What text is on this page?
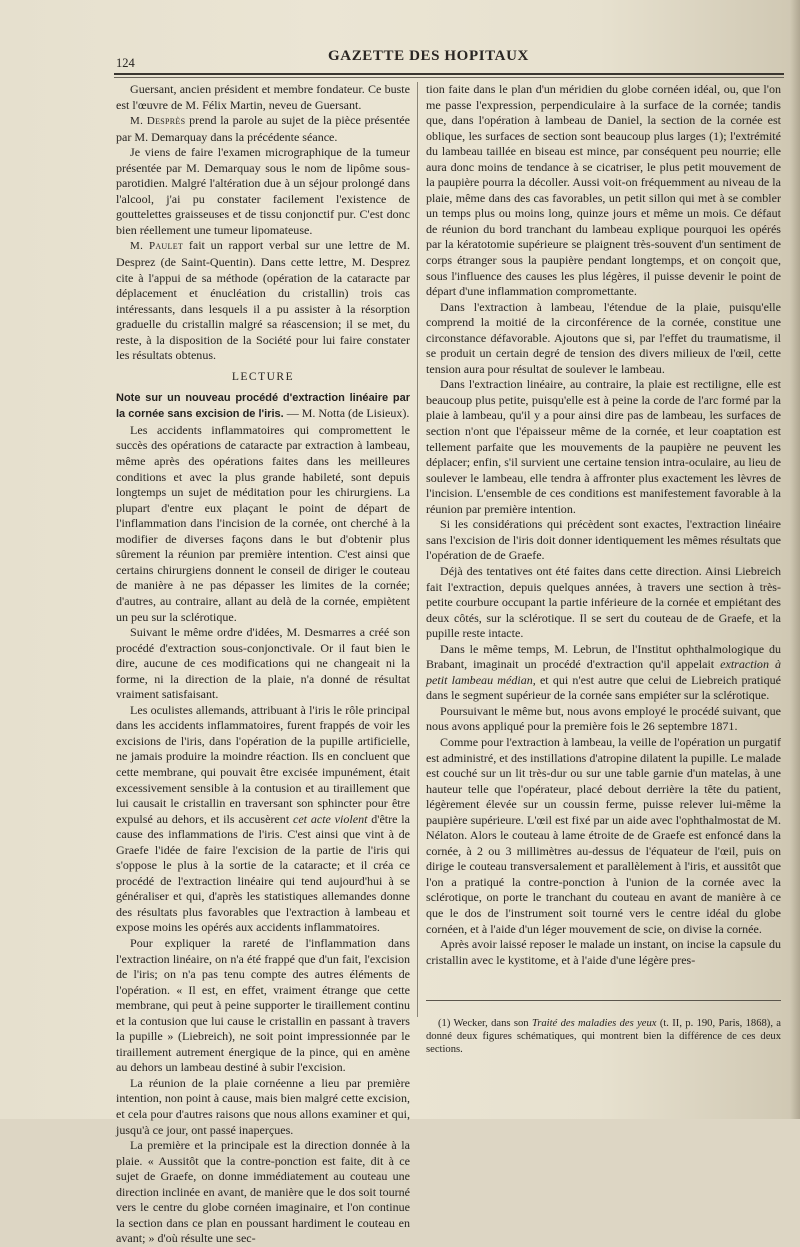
124	GAZETTE DES HOPITAUX

Guersant, ancien président et membre fondateur. Ce buste est l'œuvre de M. Félix Martin, neveu de Guersant.

M. Desprès prend la parole au sujet de la pièce présentée par M. Demarquay dans la précédente séance.

Je viens de faire l'examen micrographique de la tumeur présentée par M. Demarquay sous le nom de lipôme sous-parotidien. Malgré l'altération due à un séjour prolongé dans l'alcool, j'ai pu constater facilement l'existence de gouttelettes graisseuses et de tissu conjonctif pur. C'est donc bien réellement une tumeur lipomateuse.

M. Paulet fait un rapport verbal sur une lettre de M. Desprez (de Saint-Quentin). Dans cette lettre, M. Desprez cite à l'appui de sa méthode (opération de la cataracte par déplacement et énucléation du cristallin) trois cas intéressants, dans lesquels il a pu assister à la résorption graduelle du cristallin malgré sa réascension; il se met, du reste, à la disposition de la Société pour lui faire constater les résultats obtenus.

LECTURE

Note sur un nouveau procédé d'extraction linéaire par la cornée sans excision de l'iris. — M. Notta (de Lisieux).

Les accidents inflammatoires qui compromettent le succès des opérations de cataracte par extraction à lambeau, même après des opérations faites dans les meilleures conditions et avec la plus grande habileté, sont depuis longtemps un sujet de méditation pour les chirurgiens. La plupart d'entre eux plaçant le point de départ de l'inflammation dans l'incision de la cornée, ont cherché à la modifier de diverses façons dans le but d'obtenir plus sûrement la réunion par première intention. C'est ainsi que certains chirurgiens donnent le conseil de diriger le couteau de manière à ne pas dépasser les limites de la cornée; d'autres, au contraire, allant au delà de la cornée, empiètent un peu sur la sclérotique.

Suivant le même ordre d'idées, M. Desmarres a créé son procédé d'extraction sous-conjonctivale. Or il faut bien le dire, aucune de ces modifications qui ne changeait ni la forme, ni la direction de la plaie, n'a donné de résultat vraiment satisfaisant.

Les oculistes allemands, attribuant à l'iris le rôle principal dans les accidents inflammatoires, furent frappés de voir les excisions de l'iris, dans l'opération de la pupille artificielle, ne jamais produire la moindre réaction. Ils en concluent que cette membrane, qui pouvait être excisée impunément, était excessivement sensible à la contusion et au tiraillement que lui causait le cristallin en traversant son sphincter pour être expulsé au dehors, et ils accusèrent cet acte violent d'être la cause des inflammations de l'iris. C'est ainsi que vint à de Graefe l'idée de faire l'excision de la partie de l'iris qui s'oppose le plus à la sortie de la cataracte; et il créa ce procédé de l'extraction linéaire qui tend aujourd'hui à se généraliser et qui, d'après les statistiques allemandes donne des résultats plus favorables que l'extraction à lambeau et expose moins les opérés aux accidents inflammatoires.

Pour expliquer la rareté de l'inflammation dans l'extraction linéaire, on n'a été frappé que d'un fait, l'excision de l'iris; on n'a pas tenu compte des autres éléments de l'opération. « Il est, en effet, vraiment étrange que cette membrane, qui peut à peine supporter le tiraillement continu et la contusion que lui cause le cristallin en passant à travers la pupille » (Liebreich), ne soit point impressionnée par le tiraillement autrement énergique de la pince, qui en amène au dehors un lambeau destiné à subir l'excision.

La réunion de la plaie cornéenne a lieu par première intention, non point à cause, mais bien malgré cette excision, et cela pour d'autres raisons que nous allons examiner et qui, jusqu'à ce jour, ont passé inaperçues.

La première et la principale est la direction donnée à la plaie. « Aussitôt que la contre-ponction est faite, dit à ce sujet de Graefe, on donne immédiatement au couteau une direction inclinée en avant, de manière que le dos soit tourné vers le centre du globe cornéen imaginaire, et l'on continue la section dans ce plan en poussant hardiment le couteau en avant; » d'où résulte une sec-

tion faite dans le plan d'un méridien du globe cornéen idéal, ou, que l'on me passe l'expression, perpendiculaire à la surface de la cornée; tandis que, dans l'opération à lambeau de Daniel, la section de la cornée est oblique, les surfaces de section sont beaucoup plus larges (1); l'extrémité du lambeau taillée en biseau est mince, par conséquent peu nourrie; elle aura donc moins de tendance à se cicatriser, le plus petit mouvement de la paupière pourra la décoller. Aussi voit-on fréquemment au niveau de la plaie, même dans des cas favorables, un petit sillon qui met à se combler un temps plus ou moins long, quinze jours et même un mois. Ce défaut de réunion du bord tranchant du lambeau explique pourquoi les opérés par la kératotomie supérieure se plaignent très-souvent d'un sentiment de corps étranger sous la paupière pendant longtemps, et on conçoit que, sous l'influence des causes les plus légères, il puisse devenir le point de départ d'une inflammation compromettante.

Dans l'extraction à lambeau, l'étendue de la plaie, puisqu'elle comprend la moitié de la circonférence de la cornée, constitue une circonstance défavorable. Ajoutons que si, par l'effet du traumatisme, il se produit un certain degré de tension des divers milieux de l'œil, cette tension aura pour résultat de soulever le lambeau.

Dans l'extraction linéaire, au contraire, la plaie est rectiligne, elle est beaucoup plus petite, puisqu'elle est à peine la corde de l'arc formé par la plaie à lambeau, qu'il y a pour ainsi dire pas de lambeau, les surfaces de section n'ont que l'épaisseur même de la cornée, et leur coaptation est tellement parfaite que les mouvements de la paupière ne peuvent les déplacer; enfin, s'il survient une certaine tension intra-oculaire, au lieu de soulever le lambeau, elle tendra à affronter plus exactement les lèvres de l'incision. L'ensemble de ces conditions est manifestement favorable à la réunion par première intention.

Si les considérations qui précèdent sont exactes, l'extraction linéaire sans l'excision de l'iris doit donner identiquement les mêmes résultats que l'opération de de Graefe.

Déjà des tentatives ont été faites dans cette direction. Ainsi Liebreich fait l'extraction, depuis quelques années, à travers une section à très-petite courbure occupant la partie inférieure de la cornée et empiétant des deux côtés, sur la sclérotique. Il se sert du couteau de de Graefe, et la pupille reste intacte.

Dans le même temps, M. Lebrun, de l'Institut ophthalmologique du Brabant, imaginait un procédé d'extraction qu'il appelait extraction à petit lambeau médian, et qui n'est autre que celui de Liebreich pratiqué dans le segment supérieur de la cornée sans empiéter sur la sclérotique.

Poursuivant le même but, nous avons employé le procédé suivant, que nous avons appliqué pour la première fois le 26 septembre 1871.

Comme pour l'extraction à lambeau, la veille de l'opération un purgatif est administré, et des instillations d'atropine dilatent la pupille. Le malade est couché sur un lit très-dur ou sur une table garnie d'un matelas, à une hauteur telle que l'opérateur, placé debout derrière la tête du patient, légèrement élevée sur un coussin ferme, puisse relever lui-même la paupière supérieure. L'œil est fixé par un aide avec l'ophthalmostat de M. Nélaton. Alors le couteau à lame étroite de de Graefe est enfoncé dans la cornée, à 2 ou 3 millimètres au-dessus de l'équateur de l'œil, puis on dirige le couteau transversalement et parallèlement à l'iris, et aussitôt que l'on a pratiqué la contre-ponction à l'union de la cornée avec la sclérotique, on porte le tranchant du couteau en avant de manière à ce que le dos de l'instrument soit tourné vers le centre idéal du globe cornéen, et à l'aide d'un léger mouvement de scie, on divise la cornée.

Après avoir laissé reposer le malade un instant, on incise la capsule du cristallin avec le kystitome, et à l'aide d'une légère pres-

(1) Wecker, dans son Traité des maladies des yeux (t. II, p. 190, Paris, 1868), a donné deux figures schématiques, qui montrent bien la différence de ces deux sections.
